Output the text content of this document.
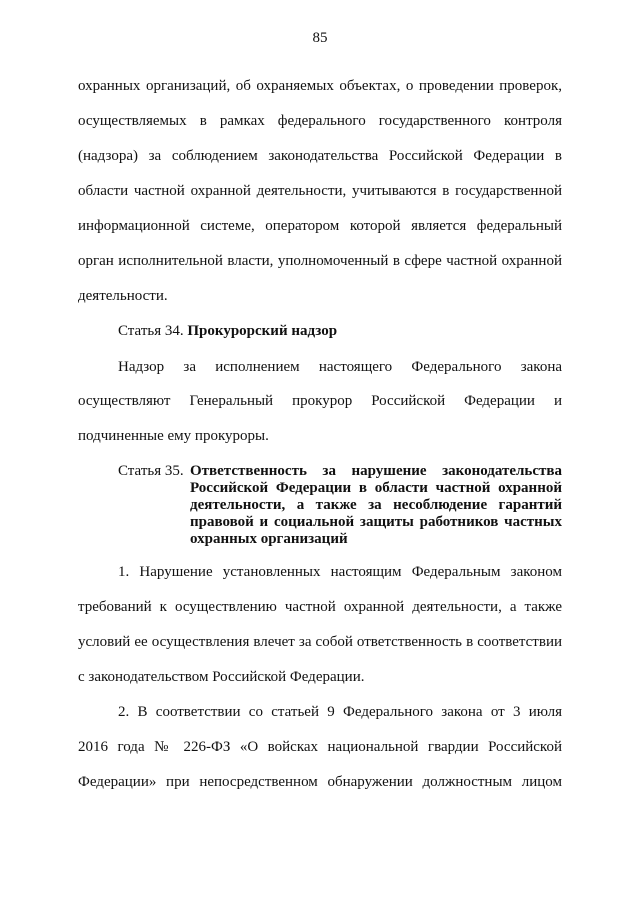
85
охранных организаций, об охраняемых объектах, о проведении проверок,
осуществляемых в рамках федерального государственного контроля
(надзора) за соблюдением законодательства Российской Федерации в
области частной охранной деятельности, учитываются в государственной
информационной системе, оператором которой является федеральный
орган исполнительной власти, уполномоченный в сфере частной охранной
деятельности.
Статья 34. Прокурорский надзор
Надзор за исполнением настоящего Федерального закона
осуществляют Генеральный прокурор Российской Федерации и
подчиненные ему прокуроры.
Статья 35. Ответственность за нарушение законодательства
Российской Федерации в области частной охранной
деятельности, а также за несоблюдение гарантий
правовой и социальной защиты работников частных
охранных организаций
1. Нарушение установленных настоящим Федеральным законом
требований к осуществлению частной охранной деятельности, а также
условий ее осуществления влечет за собой ответственность в соответствии
с законодательством Российской Федерации.
2. В соответствии со статьей 9 Федерального закона от 3 июля
2016 года № 226-ФЗ «О войсках национальной гвардии Российской
Федерации» при непосредственном обнаружении должностным лицом
